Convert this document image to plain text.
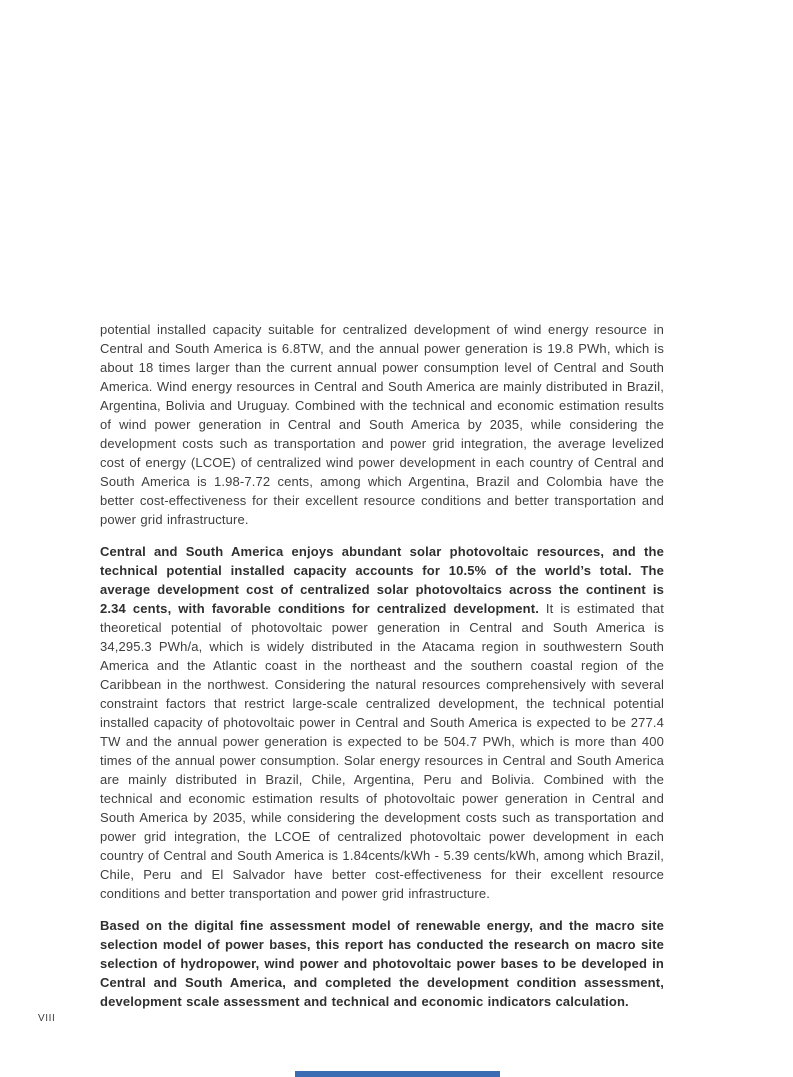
potential installed capacity suitable for centralized development of wind energy resource in Central and South America is 6.8TW, and the annual power generation is 19.8 PWh, which is about 18 times larger than the current annual power consumption level of Central and South America. Wind energy resources in Central and South America are mainly distributed in Brazil, Argentina, Bolivia and Uruguay. Combined with the technical and economic estimation results of wind power generation in Central and South America by 2035, while considering the development costs such as transportation and power grid integration, the average levelized cost of energy (LCOE) of centralized wind power development in each country of Central and South America is 1.98-7.72 cents, among which Argentina, Brazil and Colombia have the better cost-effectiveness for their excellent resource conditions and better transportation and power grid infrastructure.

Central and South America enjoys abundant solar photovoltaic resources, and the technical potential installed capacity accounts for 10.5% of the world’s total. The average development cost of centralized solar photovoltaics across the continent is 2.34 cents, with favorable conditions for centralized development. It is estimated that theoretical potential of photovoltaic power generation in Central and South America is 34,295.3 PWh/a, which is widely distributed in the Atacama region in southwestern South America and the Atlantic coast in the northeast and the southern coastal region of the Caribbean in the northwest. Considering the natural resources comprehensively with several constraint factors that restrict large-scale centralized development, the technical potential installed capacity of photovoltaic power in Central and South America is expected to be 277.4 TW and the annual power generation is expected to be 504.7 PWh, which is more than 400 times of the annual power consumption. Solar energy resources in Central and South America are mainly distributed in Brazil, Chile, Argentina, Peru and Bolivia. Combined with the technical and economic estimation results of photovoltaic power generation in Central and South America by 2035, while considering the development costs such as transportation and power grid integration, the LCOE of centralized photovoltaic power development in each country of Central and South America is 1.84cents/kWh - 5.39 cents/kWh, among which Brazil, Chile, Peru and El Salvador have better cost-effectiveness for their excellent resource conditions and better transportation and power grid infrastructure.

Based on the digital fine assessment model of renewable energy, and the macro site selection model of power bases, this report has conducted the research on macro site selection of hydropower, wind power and photovoltaic power bases to be developed in Central and South America, and completed the development condition assessment, development scale assessment and technical and economic indicators calculation.

VIII
